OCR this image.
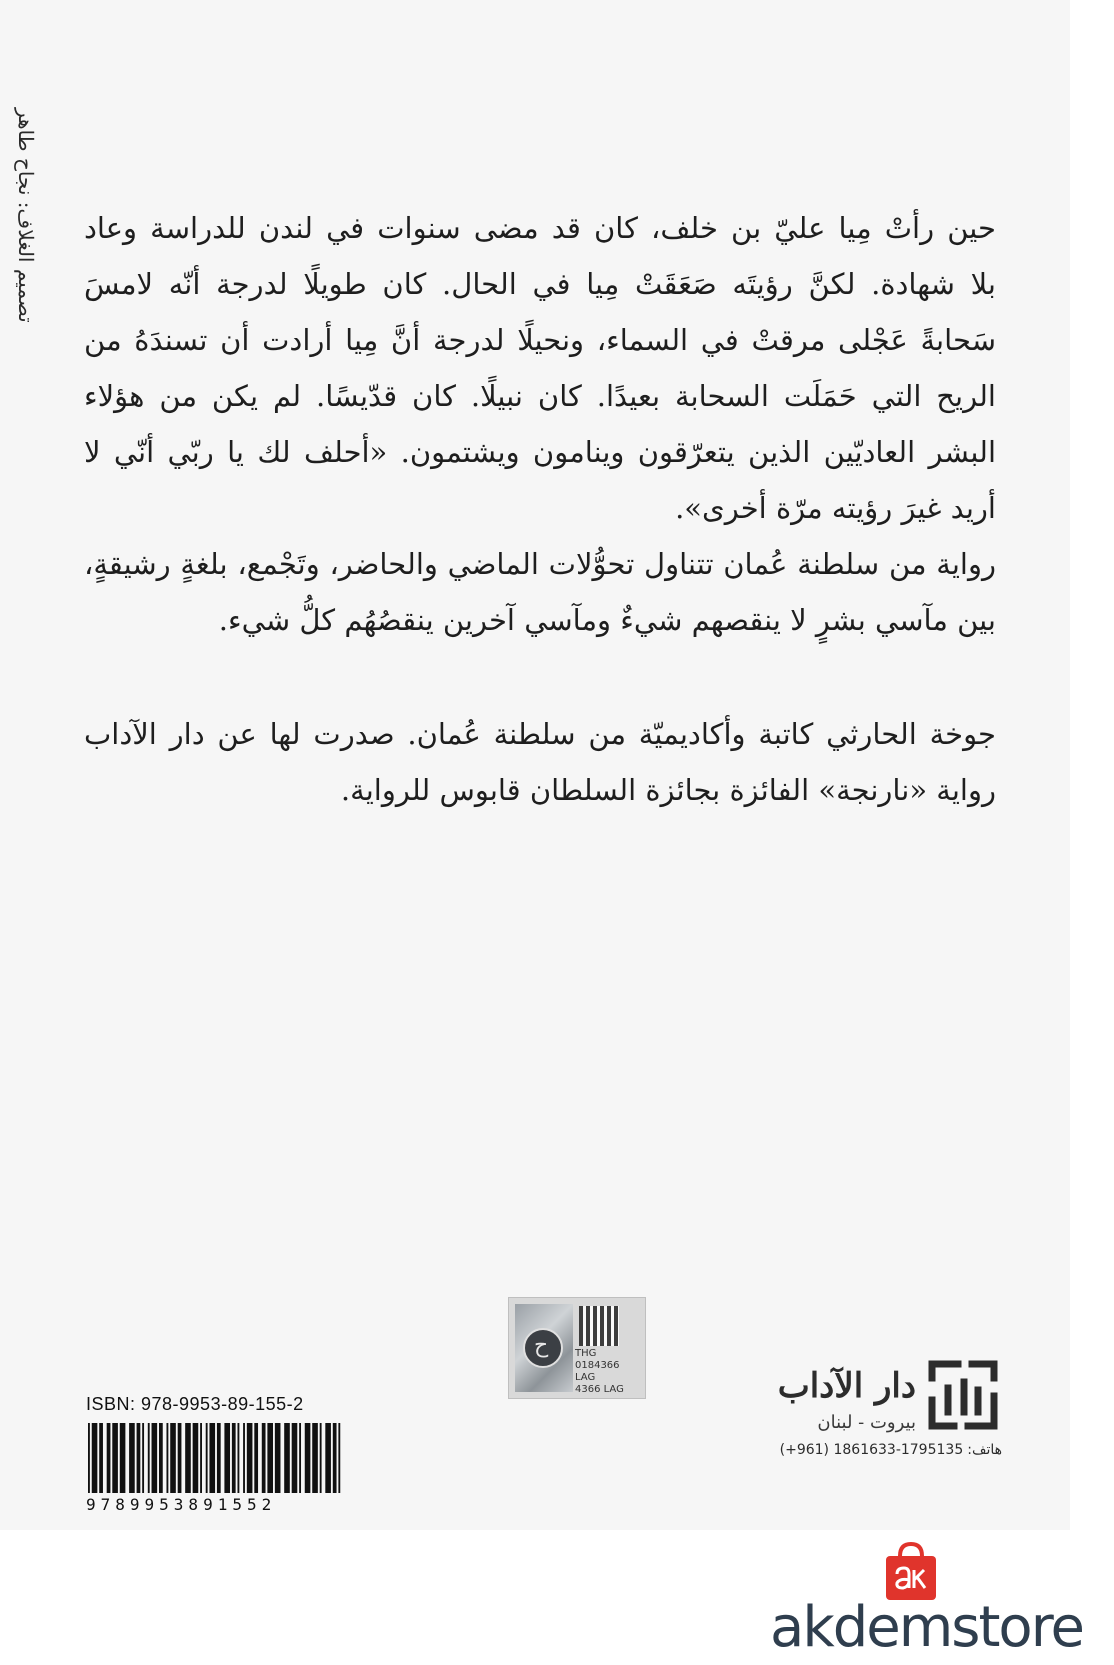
تصميم الغلاف: نجاح طاهر حين رأتْ مِيا عليّ بن خلف، كان قد مضى سنوات في لندن للدراسة وعاد

بلا شهادة. لكنَّ رؤيتَه صَعَقَتْ مِيا في الحال. كان طويلًا لدرجة أنّه لامسَ

سَحابةً عَجْلى مرقتْ في السماء، ونحيلًا لدرجة أنَّ مِيا أرادت أن تسندَهُ من

الريح التي حَمَلَت السحابة بعيدًا. كان نبيلًا. كان قدّيسًا. لم يكن من هؤلاء

البشر العاديّين الذين يتعرّقون وينامون ويشتمون. «أحلف لك يا ربّي أنّي لا

أريد غيرَ رؤيته مرّة أخرى».

رواية من سلطنة عُمان تتناول تحوُّلات الماضي والحاضر، وتَجْمع، بلغةٍ رشيقةٍ،

بين مآسي بشرٍ لا ينقصهم شيءٌ ومآسي آخرين ينقصُهُم كلُّ شيء.

جوخة الحارثي كاتبة وأكاديميّة من سلطنة عُمان. صدرت لها عن دار الآداب

رواية «نارنجة» الفائزة بجائزة السلطان قابوس للرواية.

ح	THG
0184366
LAG
4366 LAG
ISBN: 978-9953-89-155-2
9789953891552
دار الآداب
بيروت - لبنان
(+961) 1861633-1795135 هاتف:
akdemstore
